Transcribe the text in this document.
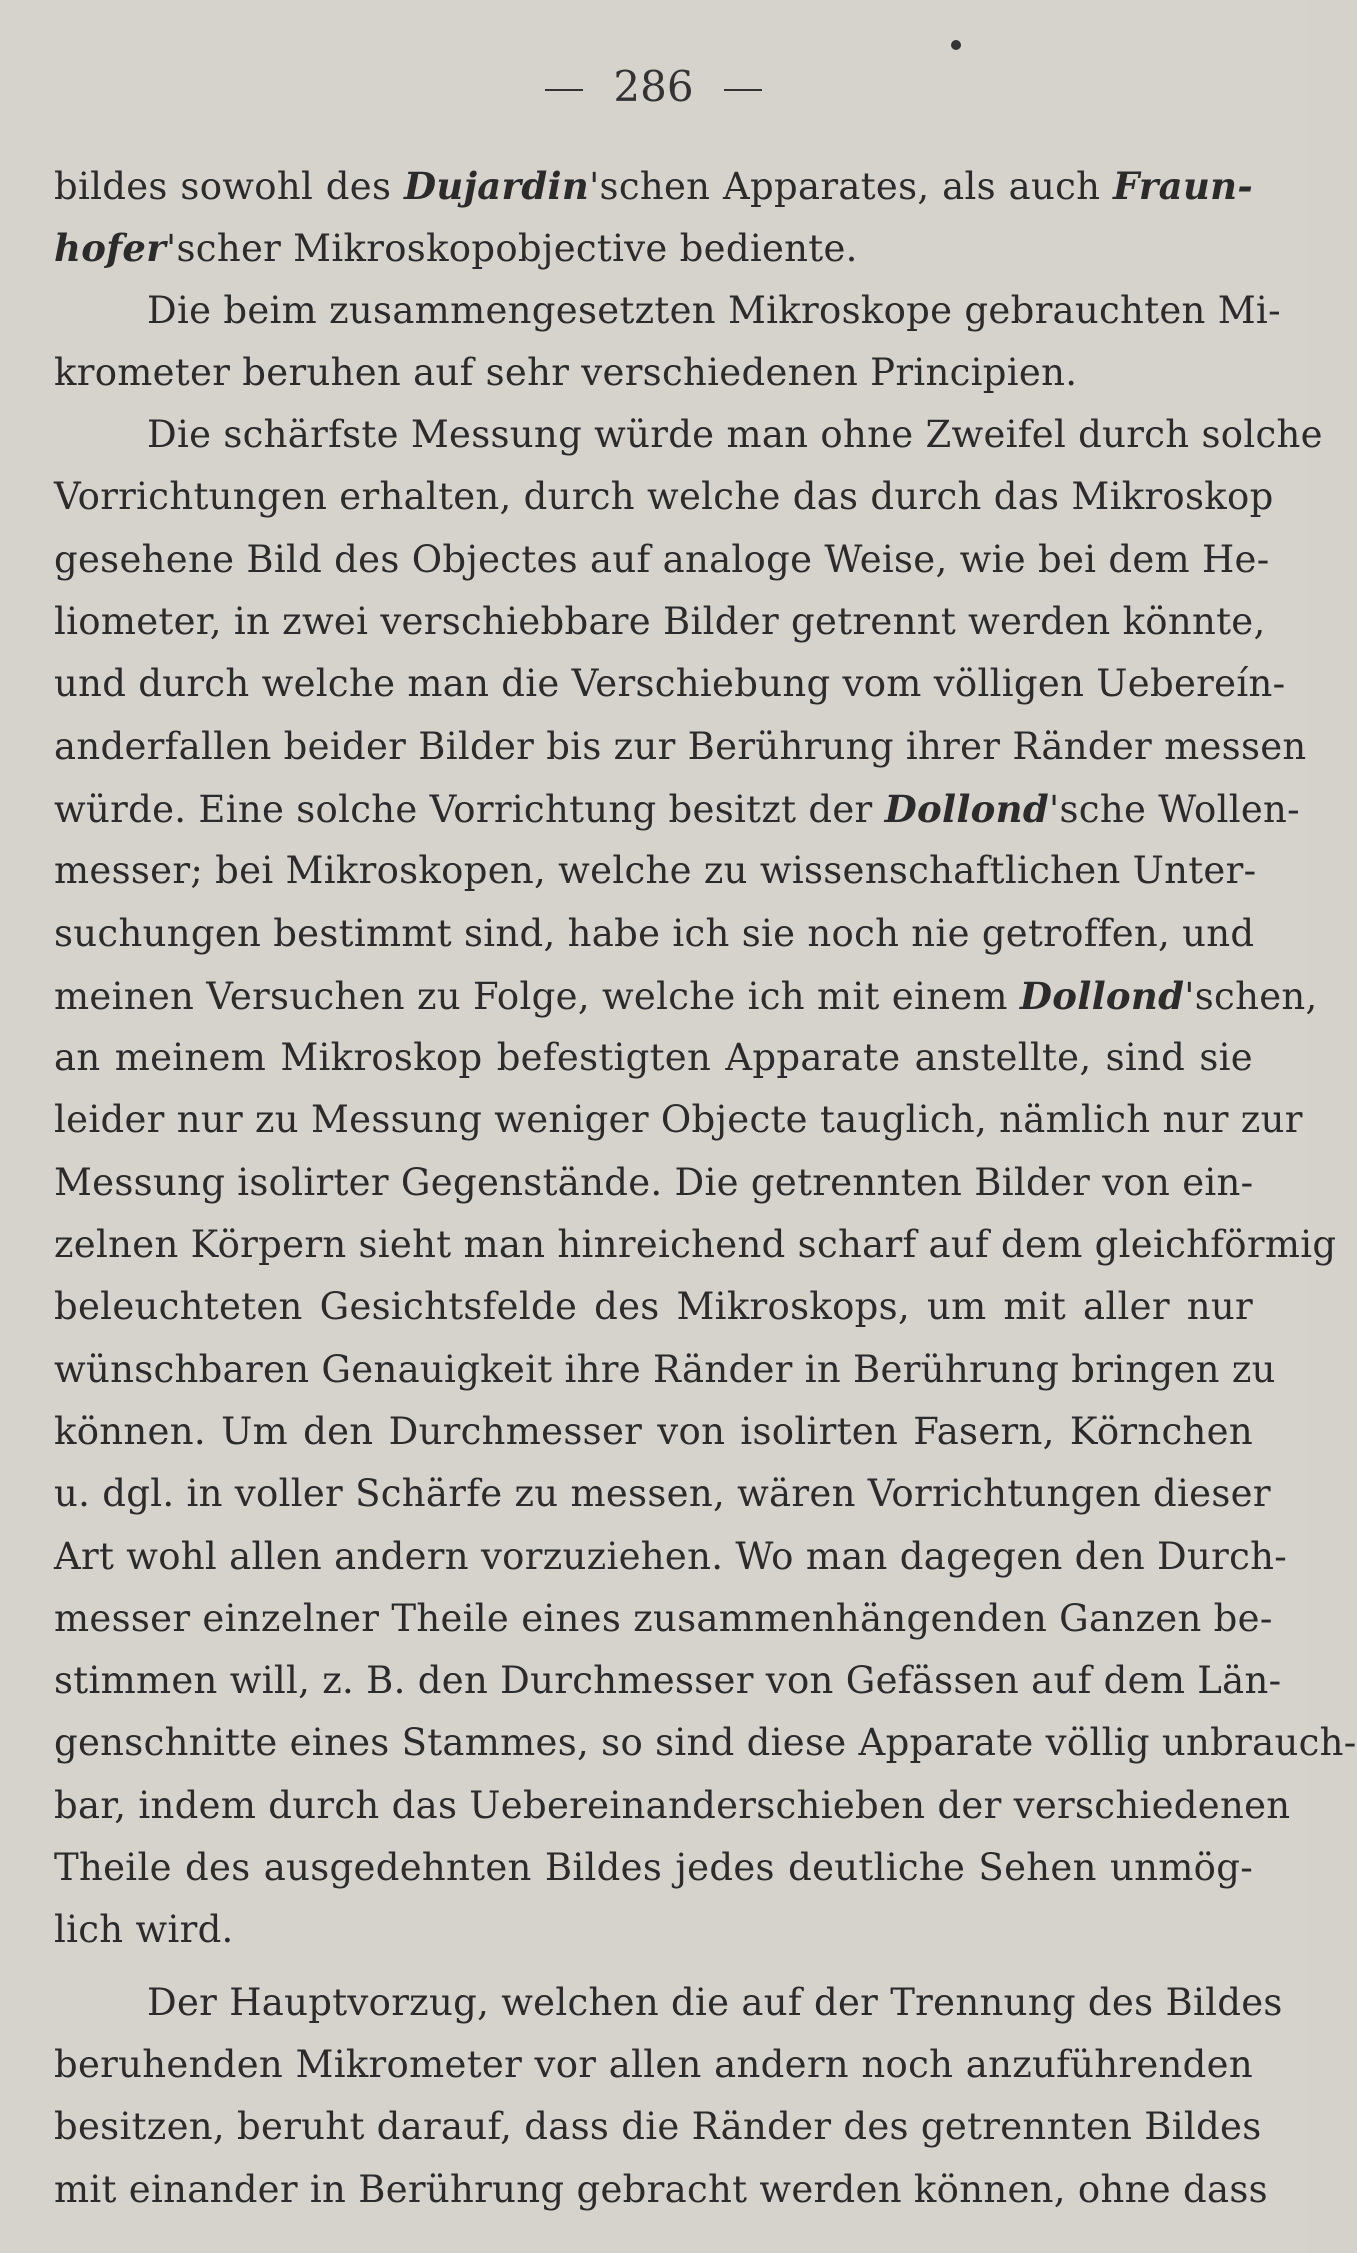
286
bildes sowohl des Dujardin'schen Apparates, als auch Fraun-
hofer'scher Mikroskopobjective bediente.
Die beim zusammengesetzten Mikroskope gebrauchten Mi-
krometer beruhen auf sehr verschiedenen Principien.
Die schärfste Messung würde man ohne Zweifel durch solche
Vorrichtungen erhalten, durch welche das durch das Mikroskop
gesehene Bild des Objectes auf analoge Weise, wie bei dem He-
liometer, in zwei verschiebbare Bilder getrennt werden könnte,
und durch welche man die Verschiebung vom völligen Uebereín-
anderfallen beider Bilder bis zur Berührung ihrer Ränder messen
würde. Eine solche Vorrichtung besitzt der Dollond'sche Wollen-
messer; bei Mikroskopen, welche zu wissenschaftlichen Unter-
suchungen bestimmt sind, habe ich sie noch nie getroffen, und
meinen Versuchen zu Folge, welche ich mit einem Dollond'schen,
an meinem Mikroskop befestigten Apparate anstellte, sind sie
leider nur zu Messung weniger Objecte tauglich, nämlich nur zur
Messung isolirter Gegenstände. Die getrennten Bilder von ein-
zelnen Körpern sieht man hinreichend scharf auf dem gleichförmig
beleuchteten Gesichtsfelde des Mikroskops, um mit aller nur
wünschbaren Genauigkeit ihre Ränder in Berührung bringen zu
können. Um den Durchmesser von isolirten Fasern, Körnchen
u. dgl. in voller Schärfe zu messen, wären Vorrichtungen dieser
Art wohl allen andern vorzuziehen. Wo man dagegen den Durch-
messer einzelner Theile eines zusammenhängenden Ganzen be-
stimmen will, z. B. den Durchmesser von Gefässen auf dem Län-
genschnitte eines Stammes, so sind diese Apparate völlig unbrauch-
bar, indem durch das Uebereinanderschieben der verschiedenen
Theile des ausgedehnten Bildes jedes deutliche Sehen unmög-
lich wird.
Der Hauptvorzug, welchen die auf der Trennung des Bildes
beruhenden Mikrometer vor allen andern noch anzuführenden
besitzen, beruht darauf, dass die Ränder des getrennten Bildes
mit einander in Berührung gebracht werden können, ohne dass
